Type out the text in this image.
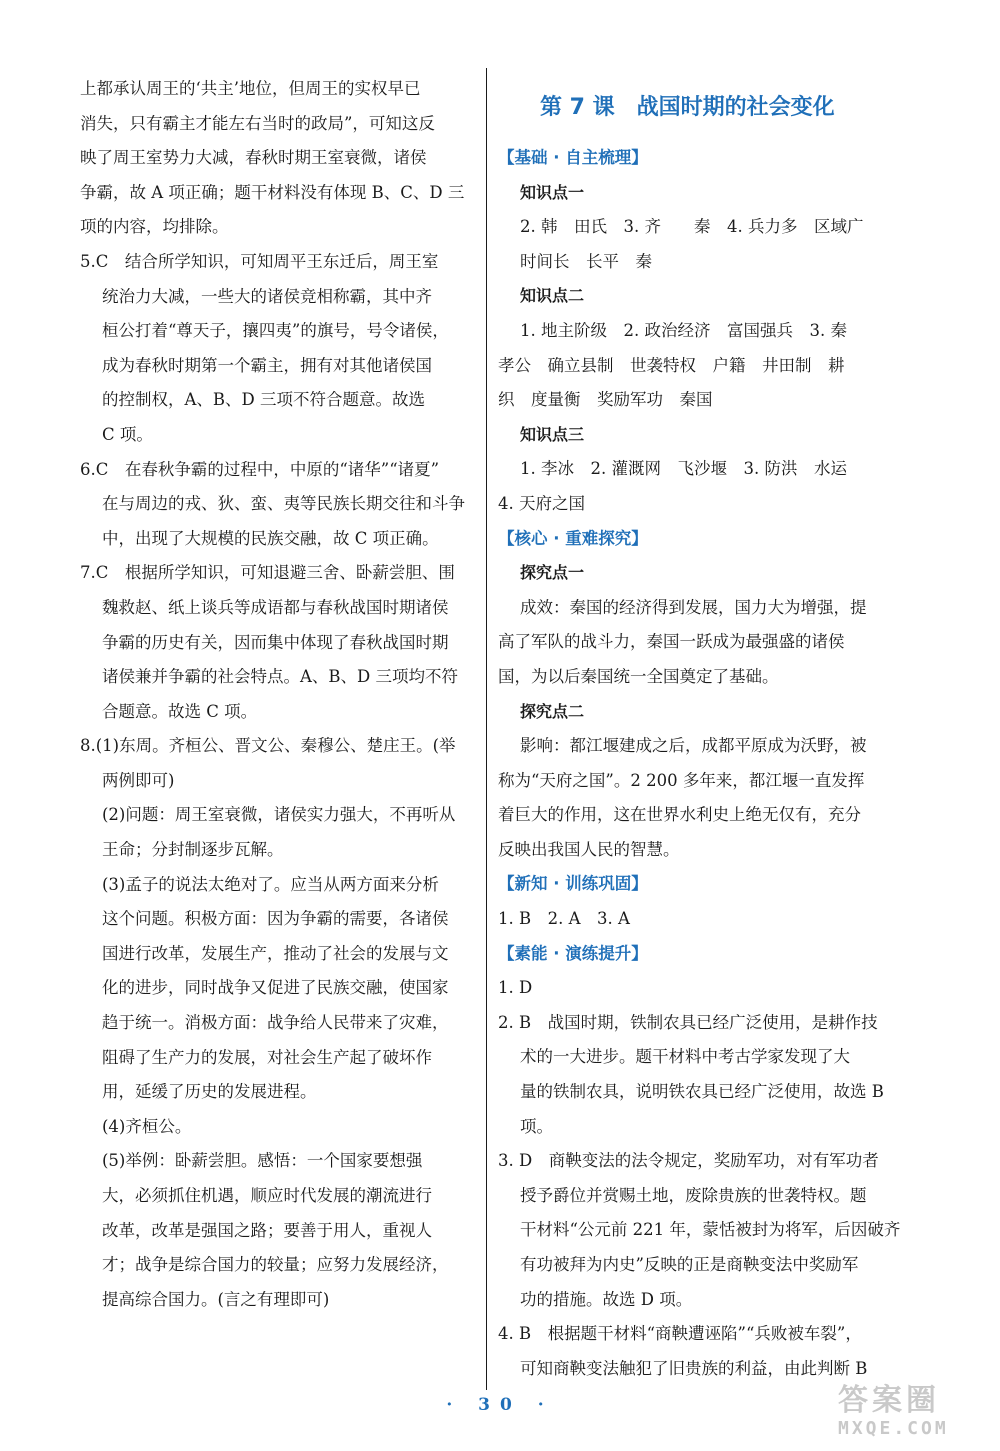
上都承认周王的‘共主’地位，但周王的实权早已
消失，只有霸主才能左右当时的政局”，可知这反
映了周王室势力大减，春秋时期王室衰微，诸侯
争霸，故 A 项正确；题干材料没有体现 B、C、D 三
项的内容，均排除。
5.C　结合所学知识，可知周平王东迁后，周王室
统治力大减，一些大的诸侯竞相称霸，其中齐
桓公打着“尊天子，攘四夷”的旗号，号令诸侯，
成为春秋时期第一个霸主，拥有对其他诸侯国
的控制权，A、B、D 三项不符合题意。故选
C 项。
6.C　在春秋争霸的过程中，中原的“诸华”“诸夏”
在与周边的戎、狄、蛮、夷等民族长期交往和斗争
中，出现了大规模的民族交融，故 C 项正确。
7.C　根据所学知识，可知退避三舍、卧薪尝胆、围
魏救赵、纸上谈兵等成语都与春秋战国时期诸侯
争霸的历史有关，因而集中体现了春秋战国时期
诸侯兼并争霸的社会特点。A、B、D 三项均不符
合题意。故选 C 项。
8.(1)东周。齐桓公、晋文公、秦穆公、楚庄王。(举
两例即可)
(2)问题：周王室衰微，诸侯实力强大，不再听从
王命；分封制逐步瓦解。
(3)孟子的说法太绝对了。应当从两方面来分析
这个问题。积极方面：因为争霸的需要，各诸侯
国进行改革，发展生产，推动了社会的发展与文
化的进步，同时战争又促进了民族交融，使国家
趋于统一。消极方面：战争给人民带来了灾难，
阻碍了生产力的发展，对社会生产起了破坏作
用，延缓了历史的发展进程。
(4)齐桓公。
(5)举例：卧薪尝胆。感悟：一个国家要想强
大，必须抓住机遇，顺应时代发展的潮流进行
改革，改革是强国之路；要善于用人，重视人
才；战争是综合国力的较量；应努力发展经济，
提高综合国力。(言之有理即可)
第 7 课　战国时期的社会变化
【基础 · 自主梳理】
知识点一
2. 韩　田氏　3. 齐　　秦　4. 兵力多　区域广
时间长　长平　秦
知识点二
1. 地主阶级　2. 政治经济　富国强兵　3. 秦
孝公　确立县制　世袭特权　户籍　井田制　耕
织　度量衡　奖励军功　秦国
知识点三
1. 李冰　2. 灌溉网　飞沙堰　3. 防洪　水运
4. 天府之国
【核心 · 重难探究】
探究点一
成效：秦国的经济得到发展，国力大为增强，提
高了军队的战斗力，秦国一跃成为最强盛的诸侯
国，为以后秦国统一全国奠定了基础。
探究点二
影响：都江堰建成之后，成都平原成为沃野，被
称为“天府之国”。2 200 多年来，都江堰一直发挥
着巨大的作用，这在世界水利史上绝无仅有，充分
反映出我国人民的智慧。
【新知 · 训练巩固】
1. B　2. A　3. A
【素能 · 演练提升】
1. D
2. B　战国时期，铁制农具已经广泛使用，是耕作技
术的一大进步。题干材料中考古学家发现了大
量的铁制农具，说明铁农具已经广泛使用，故选 B
项。
3. D　商鞅变法的法令规定，奖励军功，对有军功者
授予爵位并赏赐土地，废除贵族的世袭特权。题
干材料“公元前 221 年，蒙恬被封为将军，后因破齐
有功被拜为内史”反映的正是商鞅变法中奖励军
功的措施。故选 D 项。
4. B　根据题干材料“商鞅遭诬陷”“兵败被车裂”，
可知商鞅变法触犯了旧贵族的利益，由此判断 B
· 30 ·	答案圈
MXQE.COM
